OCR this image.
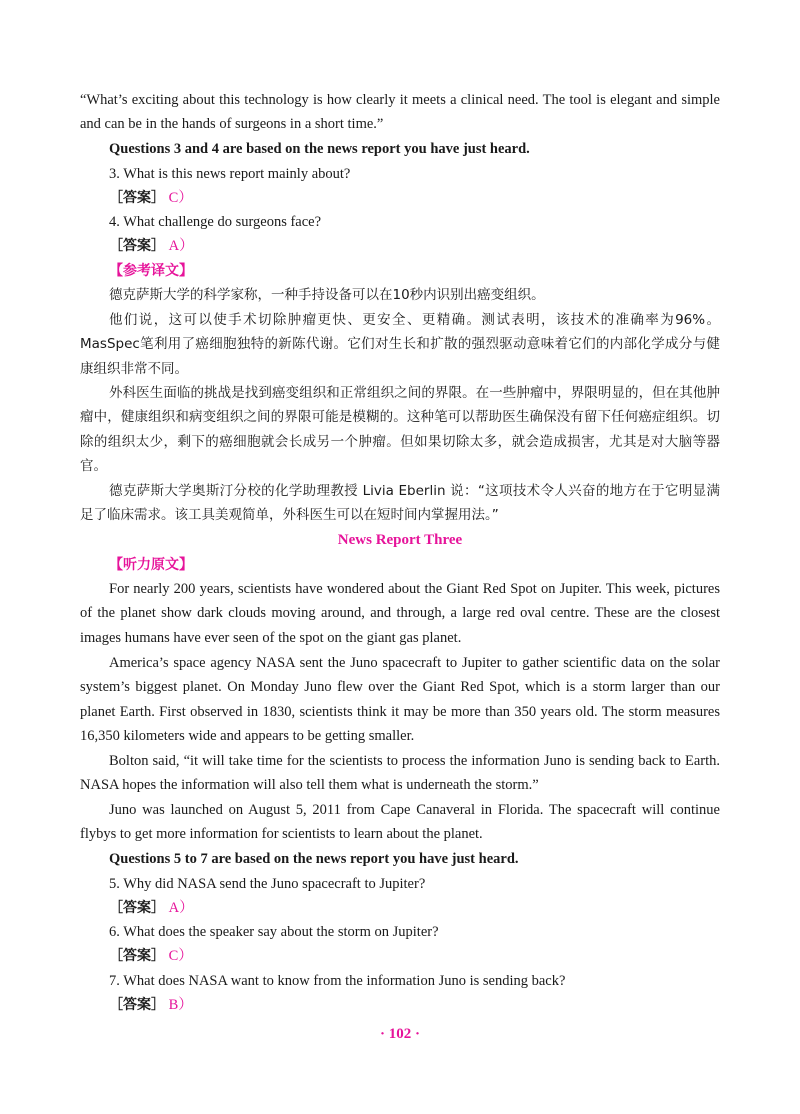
“What’s exciting about this technology is how clearly it meets a clinical need. The tool is elegant and simple and can be in the hands of surgeons in a short time.”

Questions 3 and 4 are based on the news report you have just heard.

3. What is this news report mainly about?

［答案］ C）

4. What challenge do surgeons face?

［答案］ A）

【参考译文】

德克萨斯大学的科学家称，一种手持设备可以在10秒内识别出癌变组织。

他们说，这可以使手术切除肿瘤更快、更安全、更精确。测试表明，该技术的准确率为96%。MasSpec笔利用了癌细胞独特的新陈代谢。它们对生长和扩散的强烈驱动意味着它们的内部化学成分与健康组织非常不同。

外科医生面临的挑战是找到癌变组织和正常组织之间的界限。在一些肿瘤中，界限明显的，但在其他肿瘤中，健康组织和病变组织之间的界限可能是模糊的。这种笔可以帮助医生确保没有留下任何癌症组织。切除的组织太少，剩下的癌细胞就会长成另一个肿瘤。但如果切除太多，就会造成损害，尤其是对大脑等器官。

德克萨斯大学奥斯汀分校的化学助理教授 Livia Eberlin 说：“这项技术令人兴奋的地方在于它明显满足了临床需求。该工具美观简单，外科医生可以在短时间内掌握用法。”

News Report Three

【听力原文】

For nearly 200 years, scientists have wondered about the Giant Red Spot on Jupiter. This week, pictures of the planet show dark clouds moving around, and through, a large red oval centre. These are the closest images humans have ever seen of the spot on the giant gas planet.

America’s space agency NASA sent the Juno spacecraft to Jupiter to gather scientific data on the solar system’s biggest planet. On Monday Juno flew over the Giant Red Spot, which is a storm larger than our planet Earth. First observed in 1830, scientists think it may be more than 350 years old. The storm measures 16,350 kilometers wide and appears to be getting smaller.

Bolton said, “it will take time for the scientists to process the information Juno is sending back to Earth. NASA hopes the information will also tell them what is underneath the storm.”

Juno was launched on August 5, 2011 from Cape Canaveral in Florida. The spacecraft will continue flybys to get more information for scientists to learn about the planet.

Questions 5 to 7 are based on the news report you have just heard.

5. Why did NASA send the Juno spacecraft to Jupiter?

［答案］ A）

6. What does the speaker say about the storm on Jupiter?

［答案］ C）

7. What does NASA want to know from the information Juno is sending back?

［答案］ B）

· 102 ·
